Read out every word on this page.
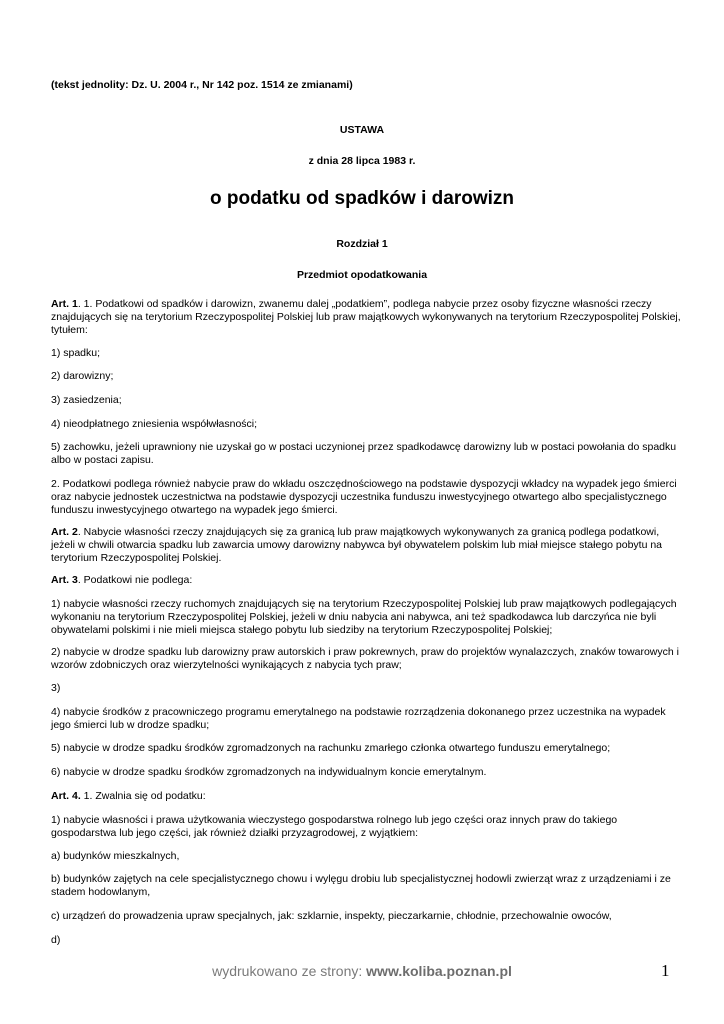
(tekst jednolity: Dz. U. 2004 r., Nr 142 poz. 1514 ze zmianami)

USTAWA

z dnia 28 lipca 1983 r.

o podatku od spadków i darowizn

Rozdział 1

Przedmiot opodatkowania

Art. 1. 1. Podatkowi od spadków i darowizn, zwanemu dalej „podatkiem”, podlega nabycie przez osoby fizyczne własności rzeczy znajdujących się na terytorium Rzeczypospolitej Polskiej lub praw majątkowych wykonywanych na terytorium Rzeczypospolitej Polskiej, tytułem:

1) spadku;

2) darowizny;

3) zasiedzenia;

4) nieodpłatnego zniesienia współwłasności;

5) zachowku, jeżeli uprawniony nie uzyskał go w postaci uczynionej przez spadkodawcę darowizny lub w postaci powołania do spadku albo w postaci zapisu.

2. Podatkowi podlega również nabycie praw do wkładu oszczędnościowego na podstawie dyspozycji wkładcy na wypadek jego śmierci oraz nabycie jednostek uczestnictwa na podstawie dyspozycji uczestnika funduszu inwestycyjnego otwartego albo specjalistycznego funduszu inwestycyjnego otwartego na wypadek jego śmierci.

Art. 2. Nabycie własności rzeczy znajdujących się za granicą lub praw majątkowych wykonywanych za granicą podlega podatkowi, jeżeli w chwili otwarcia spadku lub zawarcia umowy darowizny nabywca był obywatelem polskim lub miał miejsce stałego pobytu na terytorium Rzeczypospolitej Polskiej.

Art. 3. Podatkowi nie podlega:

1) nabycie własności rzeczy ruchomych znajdujących się na terytorium Rzeczypospolitej Polskiej lub praw majątkowych podlegających wykonaniu na terytorium Rzeczypospolitej Polskiej, jeżeli w dniu nabycia ani nabywca, ani też spadkodawca lub darczyńca nie byli obywatelami polskimi i nie mieli miejsca stałego pobytu lub siedziby na terytorium Rzeczypospolitej Polskiej;

2) nabycie w drodze spadku lub darowizny praw autorskich i praw pokrewnych, praw do projektów wynalazczych, znaków towarowych i wzorów zdobniczych oraz wierzytelności wynikających z nabycia tych praw;

3)

4) nabycie środków z pracowniczego programu emerytalnego na podstawie rozrządzenia dokonanego przez uczestnika na wypadek jego śmierci lub w drodze spadku;

5) nabycie w drodze spadku środków zgromadzonych na rachunku zmarłego członka otwartego funduszu emerytalnego;

6) nabycie w drodze spadku środków zgromadzonych na indywidualnym koncie emerytalnym.

Art. 4. 1. Zwalnia się od podatku:

1) nabycie własności i prawa użytkowania wieczystego gospodarstwa rolnego lub jego części oraz innych praw do takiego gospodarstwa lub jego części, jak również działki przyzagrodowej, z wyjątkiem:

a) budynków mieszkalnych,

b) budynków zajętych na cele specjalistycznego chowu i wylęgu drobiu lub specjalistycznej hodowli zwierząt wraz z urządzeniami i ze stadem hodowlanym,

c) urządzeń do prowadzenia upraw specjalnych, jak: szklarnie, inspekty, pieczarkarnie, chłodnie, przechowalnie owoców,

d)

wydrukowano ze strony: www.koliba.poznan.pl	1
